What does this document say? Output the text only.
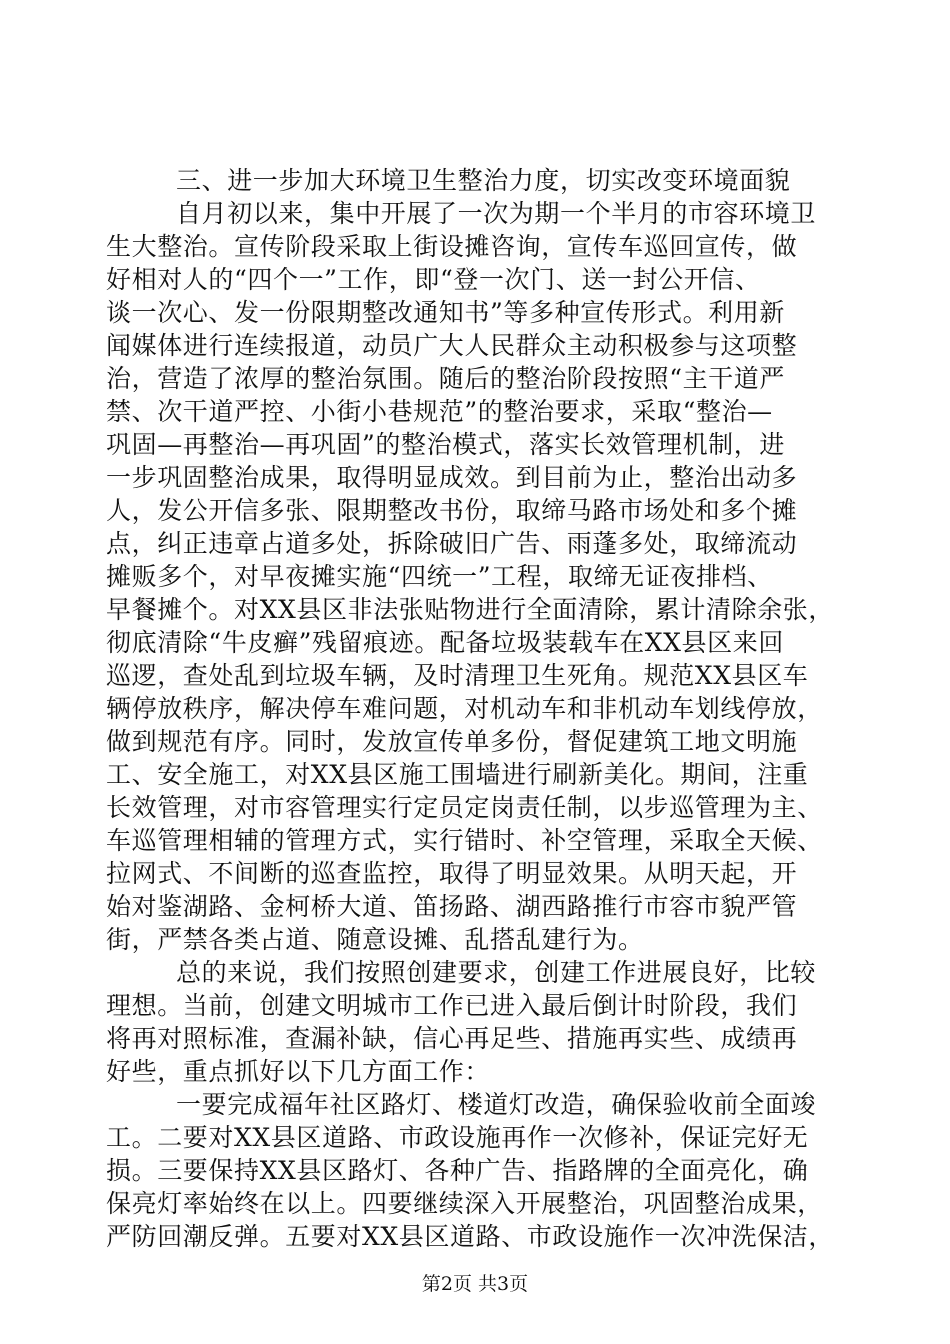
三、进一步加大环境卫生整治力度，切实改变环境面貌
自月初以来，集中开展了一次为期一个半月的市容环境卫
生大整治。宣传阶段采取上街设摊咨询，宣传车巡回宣传，做
好相对人的“四个一”工作，即“登一次门、送一封公开信、
谈一次心、发一份限期整改通知书”等多种宣传形式。利用新
闻媒体进行连续报道，动员广大人民群众主动积极参与这项整
治，营造了浓厚的整治氛围。随后的整治阶段按照“主干道严
禁、次干道严控、小街小巷规范”的整治要求，采取“整治—
巩固—再整治—再巩固”的整治模式，落实长效管理机制，进
一步巩固整治成果，取得明显成效。到目前为止，整治出动多
人，发公开信多张、限期整改书份，取缔马路市场处和多个摊
点，纠正违章占道多处，拆除破旧广告、雨蓬多处，取缔流动
摊贩多个，对早夜摊实施“四统一”工程，取缔无证夜排档、
早餐摊个。对XX县区非法张贴物进行全面清除，累计清除余张，
彻底清除“牛皮癣”残留痕迹。配备垃圾装载车在XX县区来回
巡逻，查处乱到垃圾车辆，及时清理卫生死角。规范XX县区车
辆停放秩序，解决停车难问题，对机动车和非机动车划线停放，
做到规范有序。同时，发放宣传单多份，督促建筑工地文明施
工、安全施工，对XX县区施工围墙进行刷新美化。期间，注重
长效管理，对市容管理实行定员定岗责任制，以步巡管理为主、
车巡管理相辅的管理方式，实行错时、补空管理，采取全天候、
拉网式、不间断的巡查监控，取得了明显效果。从明天起，开
始对鉴湖路、金柯桥大道、笛扬路、湖西路推行市容市貌严管
街，严禁各类占道、随意设摊、乱搭乱建行为。
总的来说，我们按照创建要求，创建工作进展良好，比较
理想。当前，创建文明城市工作已进入最后倒计时阶段，我们
将再对照标准，查漏补缺，信心再足些、措施再实些、成绩再
好些，重点抓好以下几方面工作：
一要完成福年社区路灯、楼道灯改造，确保验收前全面竣
工。二要对XX县区道路、市政设施再作一次修补，保证完好无
损。三要保持XX县区路灯、各种广告、指路牌的全面亮化，确
保亮灯率始终在以上。四要继续深入开展整治，巩固整治成果，
严防回潮反弹。五要对XX县区道路、市政设施作一次冲洗保洁，
第2页 共3页
